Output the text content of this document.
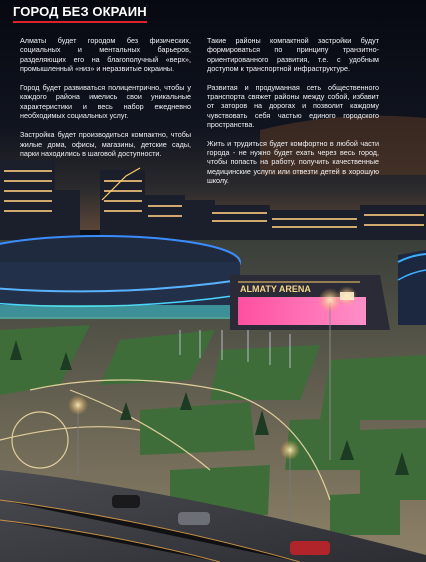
ALMATY ARENA
ГОРОД БЕЗ ОКРАИН

Алматы будет городом без физических, социальных и ментальных барьеров, разделяющих его на благополучный «верх», промышленный «низ» и неразвитые окраины.

Город будет развиваться полицентрично, чтобы у каждого района имелись свои уникальные характеристики и весь набор ежедневно необходимых социальных услуг.

Застройка будет производиться компактно, чтобы жилые дома, офисы, магазины, детские сады, парки находились в шаговой доступности.

Такие районы компактной застройки будут формироваться по принципу транзитно-ориентированного развития, т.е. с удобным доступом к транспортной инфраструктуре.

Развитая и продуманная сеть общественного транспорта свяжет районы между собой, избавит от заторов на дорогах и позволит каждому чувствовать себя частью единого городского пространства.

Жить и трудиться будет комфортно в любой части города - не нужно будет ехать через весь город, чтобы попасть на работу, получить качественные медицинские услуги или отвезти детей в хорошую школу.
